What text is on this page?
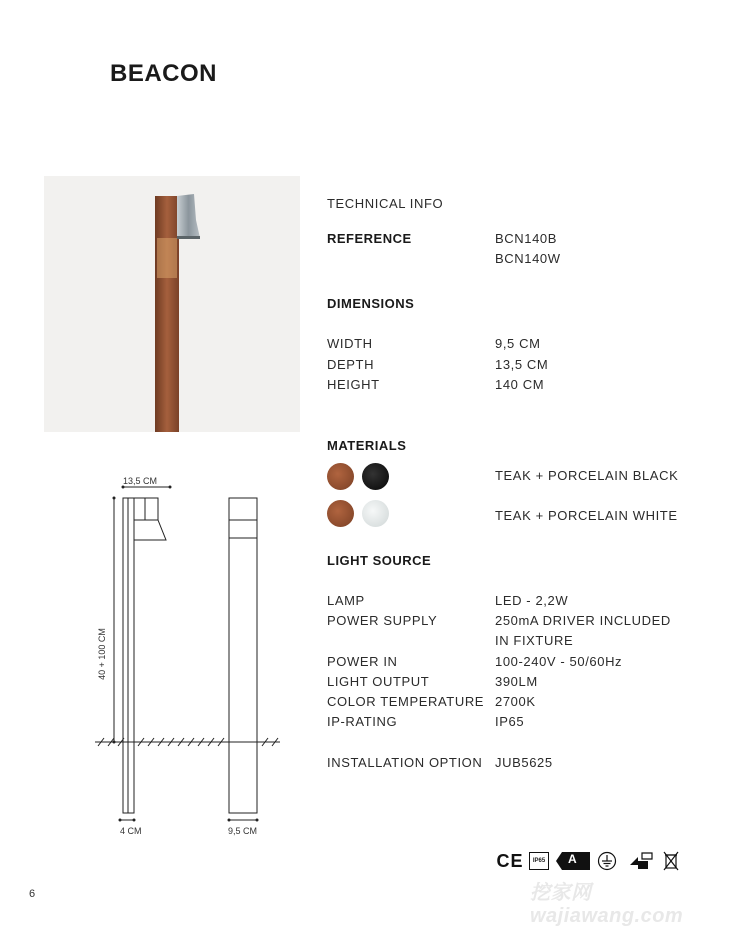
BEACON
13,5 CM
40 + 100 CM
4 CM	9,5 CM
TECHNICAL INFO
REFERENCE	BCN140B
BCN140W
DIMENSIONS
WIDTH	9,5 CM
DEPTH	13,5 CM
HEIGHT	140 CM
MATERIALS
TEAK + PORCELAIN BLACK
TEAK + PORCELAIN WHITE
LIGHT SOURCE
LAMP	LED - 2,2W
POWER SUPPLY	250mA DRIVER INCLUDED
IN FIXTURE
POWER IN	100-240V - 50/60Hz
LIGHT OUTPUT	390LM
COLOR TEMPERATURE 2700K
IP-RATING	IP65
INSTALLATION OPTION JUB5625
CE	IP65	A
6	挖家网 wajiawang.com
